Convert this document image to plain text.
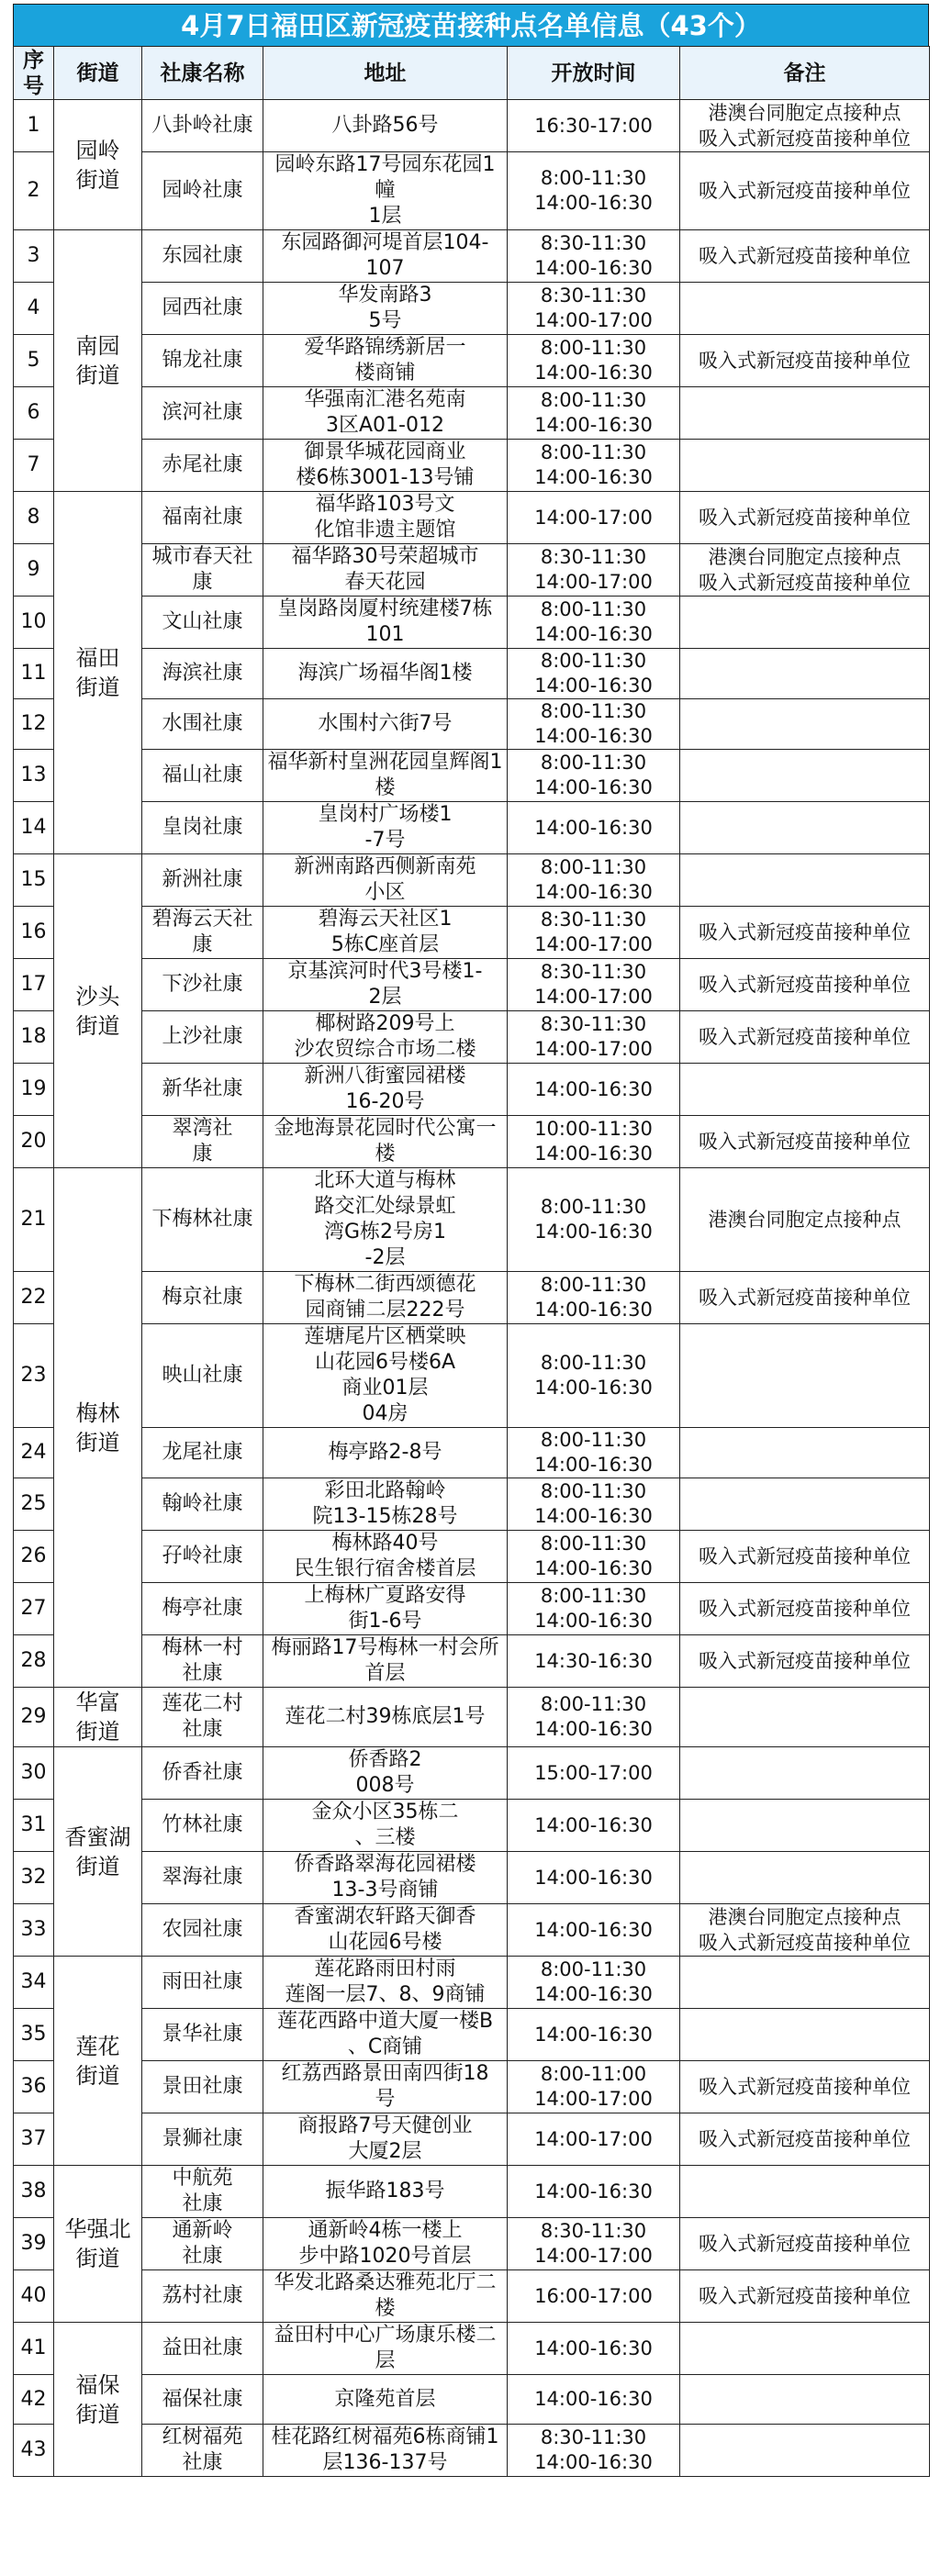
4月7日福田区新冠疫苗接种点名单信息（43个）
序
号	街道	社康名称	地址	开放时间	备注
1	园岭
街道	八卦岭社康	八卦路56号	16:30-17:00	港澳台同胞定点接种点
吸入式新冠疫苗接种单位

2		园岭社康	园岭东路17号园东花园1幢
1层	8:00-11:30
14:00-16:30	吸入式新冠疫苗接种单位

3	南园
街道	东园社康	东园路御河堤首层104-107	8:30-11:30
14:00-16:30	吸入式新冠疫苗接种单位

4		园西社康	华发南路3
5号	8:30-11:30
14:00-17:00	

5		锦龙社康	爱华路锦绣新居一
楼商铺	8:00-11:30
14:00-16:30	吸入式新冠疫苗接种单位

6		滨河社康	华强南汇港名苑南
3区A01-012	8:00-11:30
14:00-16:30	

7		赤尾社康	御景华城花园商业
楼6栋3001-13号铺	8:00-11:30
14:00-16:30	

8	福田
街道	福南社康	福华路103号文
化馆非遗主题馆	14:00-17:00	吸入式新冠疫苗接种单位

9		城市春天社康	福华路30号荣超城市
春天花园	8:30-11:30
14:00-17:00	港澳台同胞定点接种点
吸入式新冠疫苗接种单位

10		文山社康	皇岗路岗厦村统建楼7栋101	8:00-11:30
14:00-16:30	

11		海滨社康	海滨广场福华阁1楼	8:00-11:30
14:00-16:30	

12		水围社康	水围村六街7号	8:00-11:30
14:00-16:30	

13		福山社康	福华新村皇洲花园皇辉阁1楼	8:00-11:30
14:00-16:30	

14		皇岗社康	皇岗村广场楼1
-7号	14:00-16:30	

15	沙头
街道	新洲社康	新洲南路西侧新南苑
小区	8:00-11:30
14:00-16:30	

16		碧海云天社康	碧海云天社区1
5栋C座首层	8:30-11:30
14:00-17:00	吸入式新冠疫苗接种单位

17		下沙社康	京基滨河时代3号楼1-
2层	8:30-11:30
14:00-17:00	吸入式新冠疫苗接种单位

18		上沙社康	椰树路209号上
沙农贸综合市场二楼	8:30-11:30
14:00-17:00	吸入式新冠疫苗接种单位

19		新华社康	新洲八街蜜园裙楼
16-20号	14:00-16:30	

20		翠湾社
康	金地海景花园时代公寓一
楼	10:00-11:30
14:00-16:30	吸入式新冠疫苗接种单位

21	梅林
街道	下梅林社康	北环大道与梅林
路交汇处绿景虹
湾G栋2号房1
-2层	8:00-11:30
14:00-16:30	港澳台同胞定点接种点

22		梅京社康	下梅林二街西颂德花
园商铺二层222号	8:00-11:30
14:00-16:30	吸入式新冠疫苗接种单位

23		映山社康	莲塘尾片区栖棠映
山花园6号楼6A
商业01层
04房	8:00-11:30
14:00-16:30	

24		龙尾社康	梅亭路2-8号	8:00-11:30
14:00-16:30	

25		翰岭社康	彩田北路翰岭
院13-15栋28号	8:00-11:30
14:00-16:30	

26		孖岭社康	梅林路40号
民生银行宿舍楼首层	8:00-11:30
14:00-16:30	吸入式新冠疫苗接种单位

27		梅亭社康	上梅林广夏路安得
街1-6号	8:00-11:30
14:00-16:30	吸入式新冠疫苗接种单位

28		梅林一村
社康	梅丽路17号梅林一村会所首层	14:30-16:30	吸入式新冠疫苗接种单位

29	华富
街道	莲花二村
社康	莲花二村39栋底层1号	8:00-11:30
14:00-16:30	

30	香蜜湖
街道	侨香社康	侨香路2
008号	15:00-17:00	

31		竹林社康	金众小区35栋二
、三楼	14:00-16:30	

32		翠海社康	侨香路翠海花园裙楼
13-3号商铺	14:00-16:30	

33		农园社康	香蜜湖农轩路天御香
山花园6号楼	14:00-16:30	港澳台同胞定点接种点
吸入式新冠疫苗接种单位

34	莲花
街道	雨田社康	莲花路雨田村雨
莲阁一层7、8、9商铺	8:00-11:30
14:00-16:30	

35		景华社康	莲花西路中道大厦一楼B
、C商铺	14:00-16:30	

36		景田社康	红荔西路景田南四街18
号	8:00-11:00
14:00-17:00	吸入式新冠疫苗接种单位

37		景狮社康	商报路7号天健创业
大厦2层	14:00-17:00	吸入式新冠疫苗接种单位

38	华强北
街道	中航苑
社康	振华路183号	14:00-16:30	

39		通新岭
社康	通新岭4栋一楼上
步中路1020号首层	8:30-11:30
14:00-17:00	吸入式新冠疫苗接种单位

40		荔村社康	华发北路桑达雅苑北厅二楼	16:00-17:00	吸入式新冠疫苗接种单位

41	福保
街道	益田社康	益田村中心广场康乐楼二层	14:00-16:30	

42		福保社康	京隆苑首层	14:00-16:30	

43		红树福苑
社康	桂花路红树福苑6栋商铺1层136-137号	8:30-11:30
14:00-16:30	
